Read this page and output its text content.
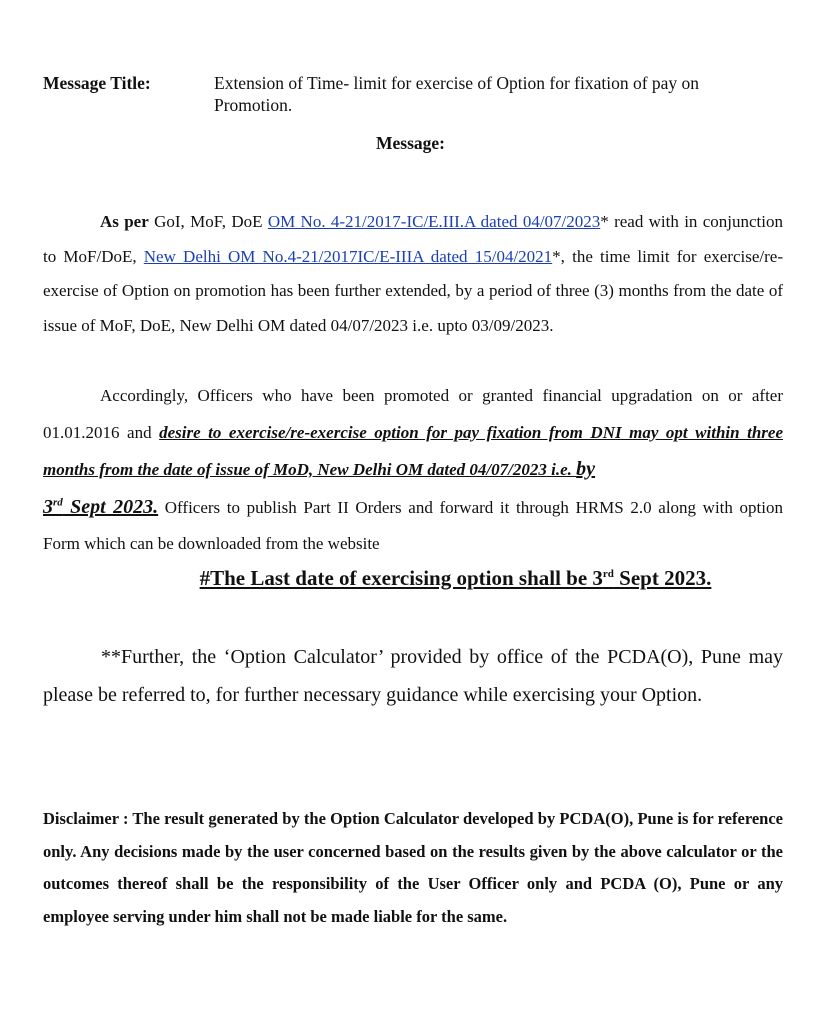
Message Title:	Extension of Time- limit for exercise of Option for fixation of pay on Promotion.
Message:
As per GoI, MoF, DoE OM No. 4-21/2017-IC/E.III.A dated 04/07/2023* read with in conjunction to MoF/DoE, New Delhi OM No.4-21/2017IC/E-IIIA dated 15/04/2021*, the time limit for exercise/re-exercise of Option on promotion has been further extended, by a period of three (3) months from the date of issue of MoF, DoE, New Delhi OM dated 04/07/2023 i.e. upto 03/09/2023.
Accordingly, Officers who have been promoted or granted financial upgradation on or after 01.01.2016 and desire to exercise/re-exercise option for pay fixation from DNI may opt within three months from the date of issue of MoD, New Delhi OM dated 04/07/2023 i.e. by
3rd Sept 2023. Officers to publish Part II Orders and forward it through HRMS 2.0 along with option Form which can be downloaded from the website
#The Last date of exercising option shall be 3rd Sept 2023.
**Further, the ‘Option Calculator’ provided by office of the PCDA(O), Pune may please be referred to, for further necessary guidance while exercising your Option.
Disclaimer : The result generated by the Option Calculator developed by PCDA(O), Pune is for reference only. Any decisions made by the user concerned based on the results given by the above calculator or the outcomes thereof shall be the responsibility of the User Officer only and PCDA (O), Pune or any employee serving under him shall not be made liable for the same.
